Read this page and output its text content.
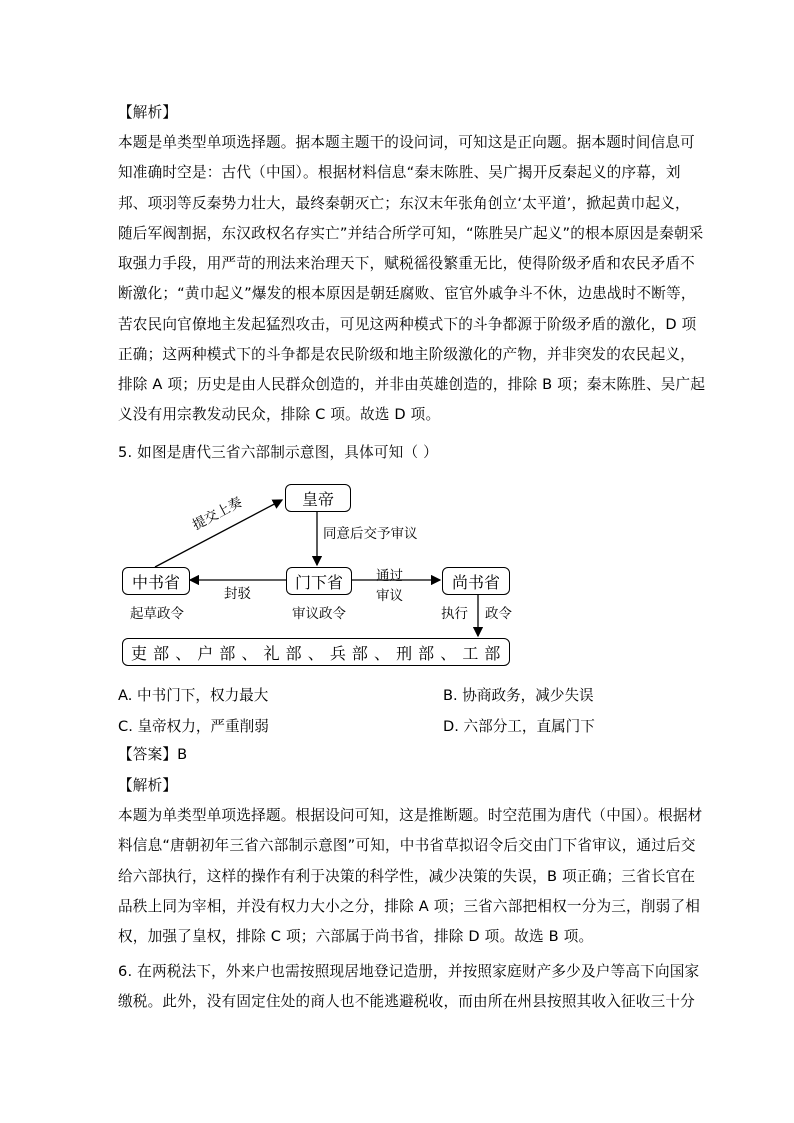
【解析】
本题是单类型单项选择题。据本题主题干的设问词，可知这是正向题。据本题时间信息可
知准确时空是：古代（中国）。根据材料信息“秦末陈胜、吴广揭开反秦起义的序幕，刘
邦、项羽等反秦势力壮大，最终秦朝灭亡；东汉末年张角创立‘太平道’，掀起黄巾起义，
随后军阀割据，东汉政权名存实亡”并结合所学可知，“陈胜吴广起义”的根本原因是秦朝采
取强力手段，用严苛的刑法来治理天下，赋税徭役繁重无比，使得阶级矛盾和农民矛盾不
断激化；“黄巾起义”爆发的根本原因是朝廷腐败、宦官外戚争斗不休，边患战时不断等，
苦农民向官僚地主发起猛烈攻击，可见这两种模式下的斗争都源于阶级矛盾的激化，D 项
正确；这两种模式下的斗争都是农民阶级和地主阶级激化的产物，并非突发的农民起义，
排除 A 项；历史是由人民群众创造的，并非由英雄创造的，排除 B 项；秦末陈胜、吴广起
义没有用宗教发动民众，排除 C 项。故选 D 项。
5. 如图是唐代三省六部制示意图，具体可知（ ）
皇帝
中书省	门下省	尚书省
吏 部 、 户 部 、 礼 部 、 兵 部 、 刑 部 、 工 部
提交上奏
同意后交予审议
封驳
通过
审议
起草政令	审议政令	执行 政令
A. 中书门下，权力最大	B. 协商政务，减少失误
C. 皇帝权力，严重削弱	D. 六部分工，直属门下
【答案】B
【解析】
本题为单类型单项选择题。根据设问可知，这是推断题。时空范围为唐代（中国）。根据材
料信息“唐朝初年三省六部制示意图”可知，中书省草拟诏令后交由门下省审议，通过后交
给六部执行，这样的操作有利于决策的科学性，减少决策的失误，B 项正确；三省长官在
品秩上同为宰相，并没有权力大小之分，排除 A 项；三省六部把相权一分为三，削弱了相
权，加强了皇权，排除 C 项；六部属于尚书省，排除 D 项。故选 B 项。
6. 在两税法下，外来户也需按照现居地登记造册，并按照家庭财产多少及户等高下向国家
缴税。此外，没有固定住处的商人也不能逃避税收，而由所在州县按照其收入征收三十分
